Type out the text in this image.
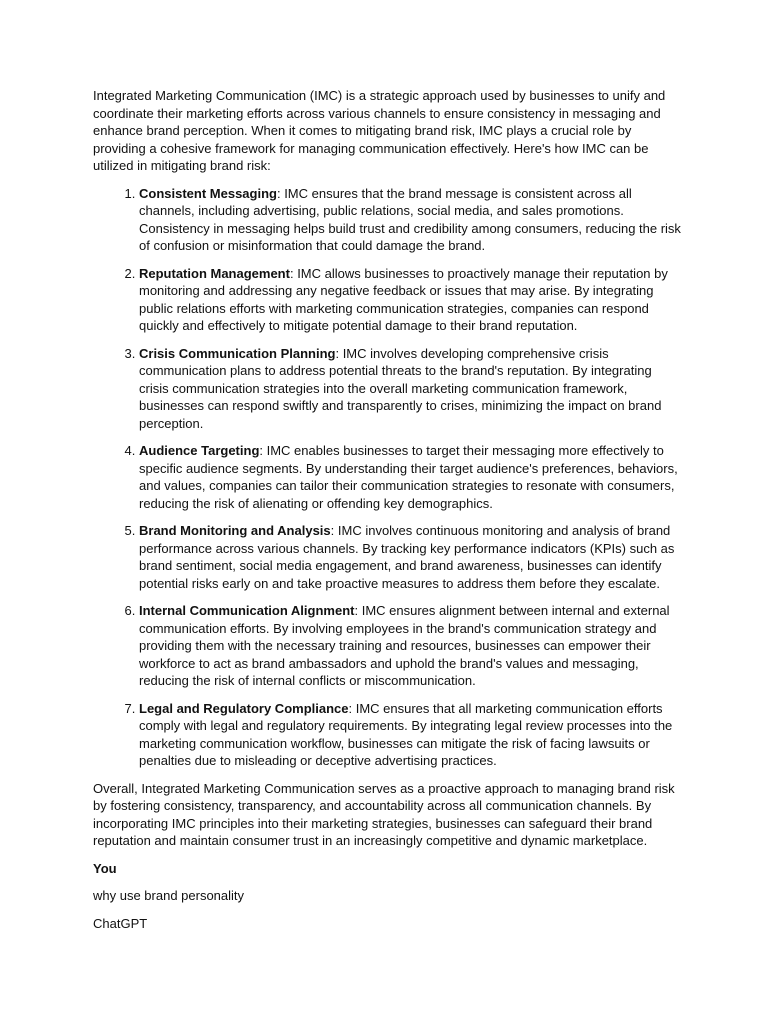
Integrated Marketing Communication (IMC) is a strategic approach used by businesses to unify and coordinate their marketing efforts across various channels to ensure consistency in messaging and enhance brand perception. When it comes to mitigating brand risk, IMC plays a crucial role by providing a cohesive framework for managing communication effectively. Here's how IMC can be utilized in mitigating brand risk:

1. Consistent Messaging: IMC ensures that the brand message is consistent across all channels, including advertising, public relations, social media, and sales promotions. Consistency in messaging helps build trust and credibility among consumers, reducing the risk of confusion or misinformation that could damage the brand.
2. Reputation Management: IMC allows businesses to proactively manage their reputation by monitoring and addressing any negative feedback or issues that may arise. By integrating public relations efforts with marketing communication strategies, companies can respond quickly and effectively to mitigate potential damage to their brand reputation.
3. Crisis Communication Planning: IMC involves developing comprehensive crisis communication plans to address potential threats to the brand's reputation. By integrating crisis communication strategies into the overall marketing communication framework, businesses can respond swiftly and transparently to crises, minimizing the impact on brand perception.
4. Audience Targeting: IMC enables businesses to target their messaging more effectively to specific audience segments. By understanding their target audience's preferences, behaviors, and values, companies can tailor their communication strategies to resonate with consumers, reducing the risk of alienating or offending key demographics.
5. Brand Monitoring and Analysis: IMC involves continuous monitoring and analysis of brand performance across various channels. By tracking key performance indicators (KPIs) such as brand sentiment, social media engagement, and brand awareness, businesses can identify potential risks early on and take proactive measures to address them before they escalate.
6. Internal Communication Alignment: IMC ensures alignment between internal and external communication efforts. By involving employees in the brand's communication strategy and providing them with the necessary training and resources, businesses can empower their workforce to act as brand ambassadors and uphold the brand's values and messaging, reducing the risk of internal conflicts or miscommunication.
7. Legal and Regulatory Compliance: IMC ensures that all marketing communication efforts comply with legal and regulatory requirements. By integrating legal review processes into the marketing communication workflow, businesses can mitigate the risk of facing lawsuits or penalties due to misleading or deceptive advertising practices.

Overall, Integrated Marketing Communication serves as a proactive approach to managing brand risk by fostering consistency, transparency, and accountability across all communication channels. By incorporating IMC principles into their marketing strategies, businesses can safeguard their brand reputation and maintain consumer trust in an increasingly competitive and dynamic marketplace.

You

why use brand personality

ChatGPT
